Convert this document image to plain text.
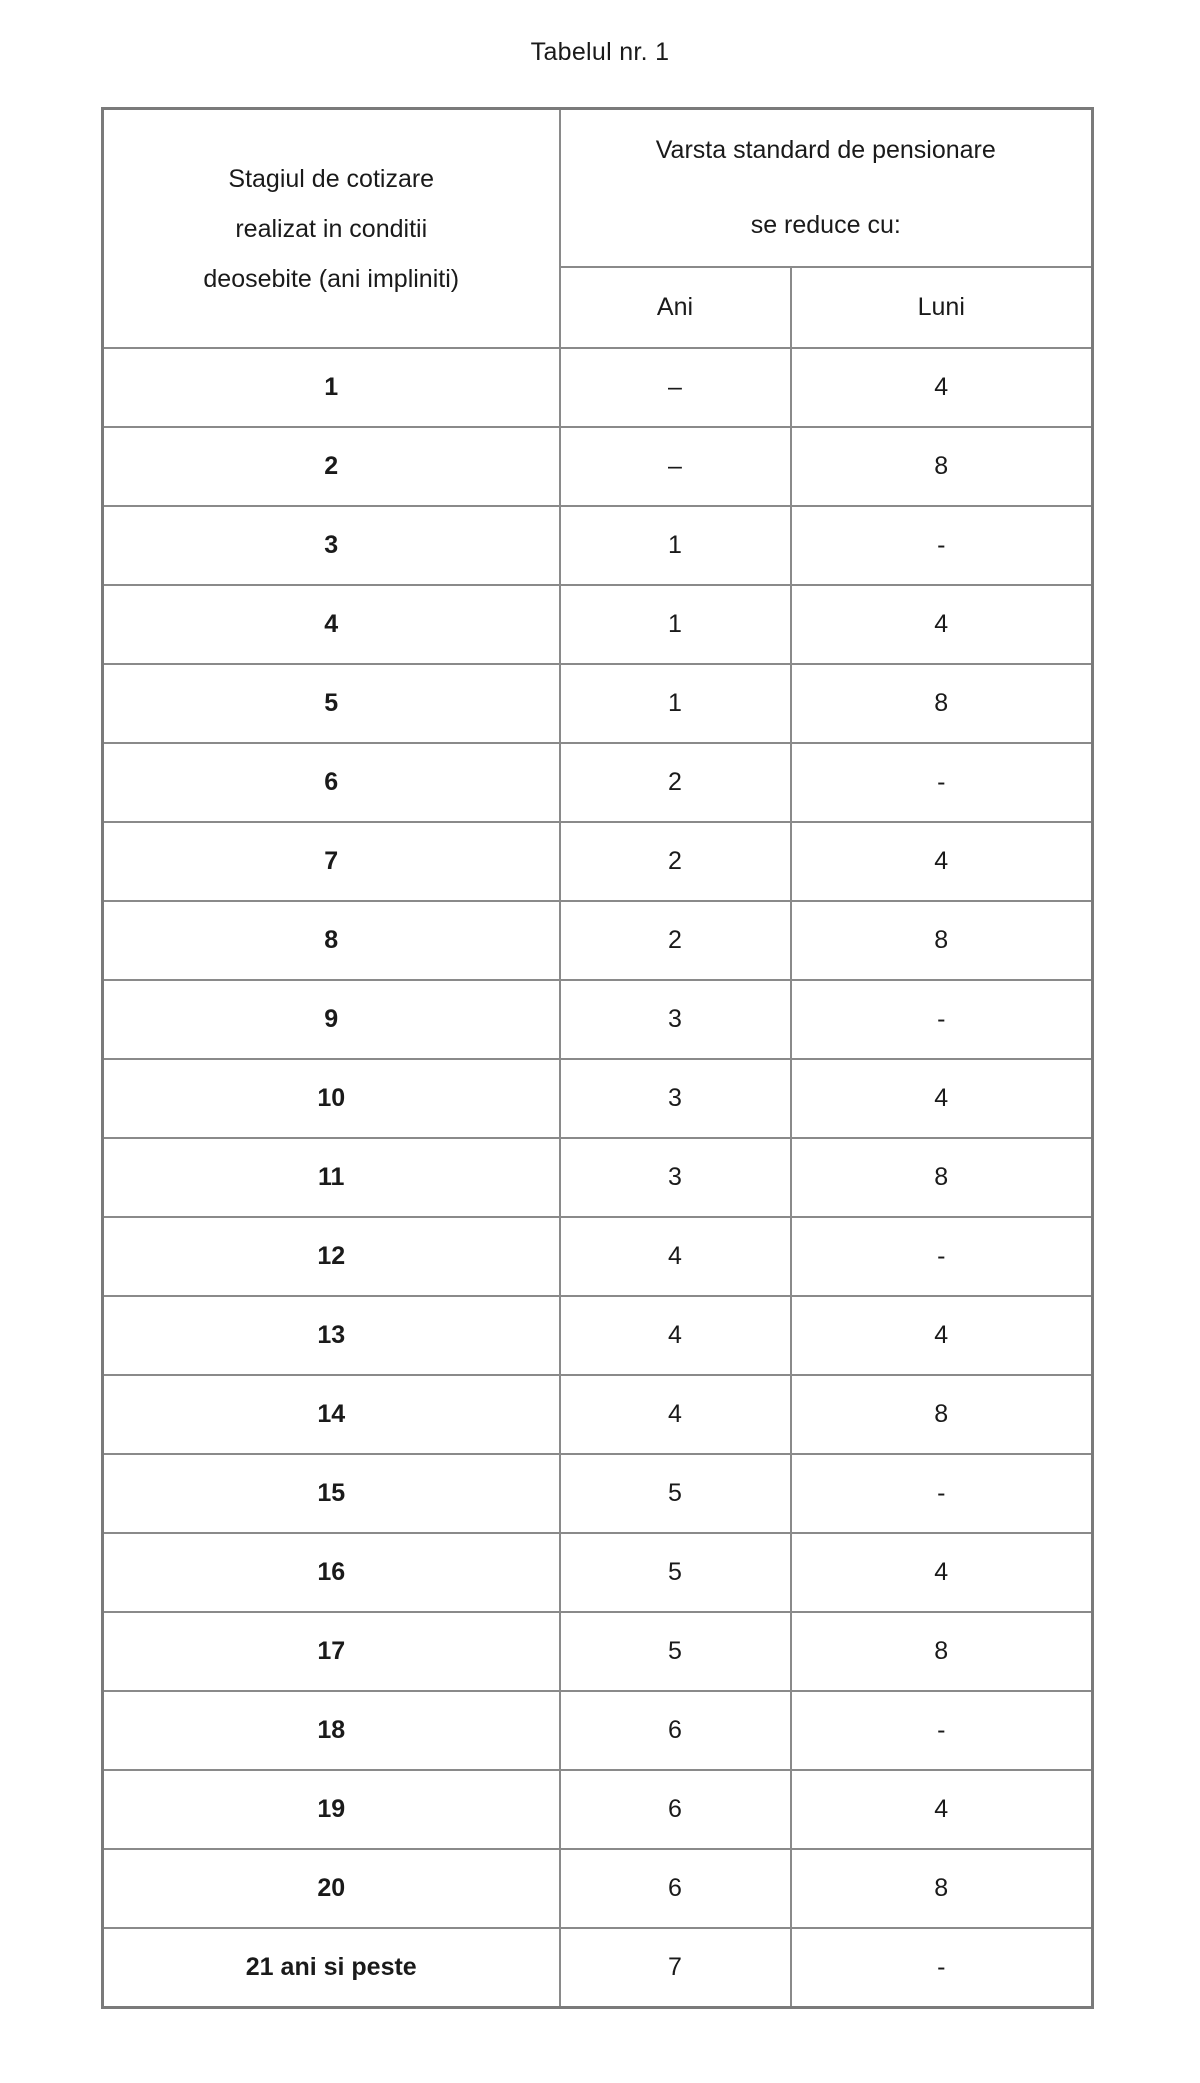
Tabelul nr. 1
Stagiul de cotizare
realizat in conditii
deosebite (ani impliniti)	Varsta standard de pensionare
se reduce cu:	
	Ani	Luni
1	–	4
2	–	8
3	1	-
4	1	4
5	1	8
6	2	-
7	2	4
8	2	8
9	3	-
10	3	4
11	3	8
12	4	-
13	4	4
14	4	8
15	5	-
16	5	4
17	5	8
18	6	-
19	6	4
20	6	8
21 ani si peste	7	-
